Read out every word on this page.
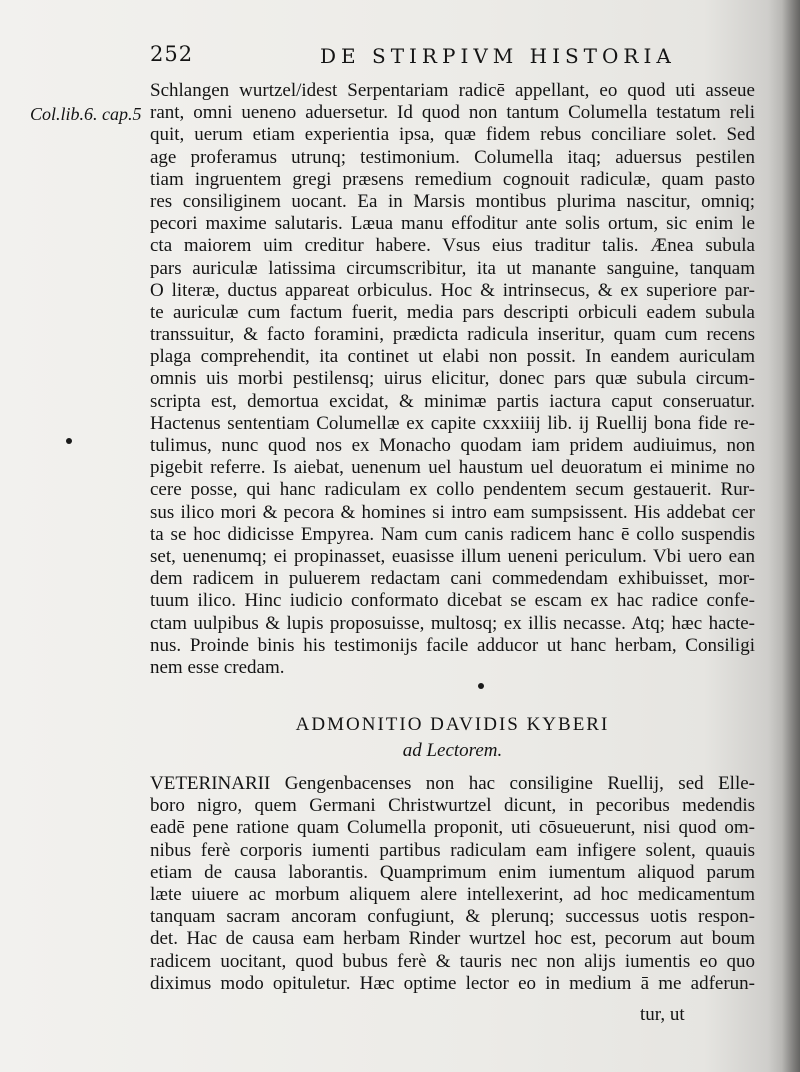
252	DE STIRPIVM HISTORIA
Col.lib.6. cap.5
Schlangen wurtzel/idest Serpentariam radicē appellant, eo quod uti asseue
rant, omni ueneno aduersetur. Id quod non tantum Columella testatum reli
quit, uerum etiam experientia ipsa, quæ fidem rebus conciliare solet. Sed
age proferamus utrunq; testimonium. Columella itaq; aduersus pestilen
tiam ingruentem gregi præsens remedium cognouit radiculæ, quam pasto
res consiliginem uocant. Ea in Marsis montibus plurima nascitur, omniq;
pecori maxime salutaris. Læua manu effoditur ante solis ortum, sic enim le
cta maiorem uim creditur habere. Vsus eius traditur talis. Ænea subula
pars auriculæ latissima circumscribitur, ita ut manante sanguine, tanquam
O literæ, ductus appareat orbiculus. Hoc & intrinsecus, & ex superiore par-
te auriculæ cum factum fuerit, media pars descripti orbiculi eadem subula
transsuitur, & facto foramini, prædicta radicula inseritur, quam cum recens
plaga comprehendit, ita continet ut elabi non possit. In eandem auriculam
omnis uis morbi pestilensq; uirus elicitur, donec pars quæ subula circum-
scripta est, demortua excidat, & minimæ partis iactura caput conseruatur.
Hactenus sententiam Columellæ ex capite cxxxiiij lib. ij Ruellij bona fide re-
tulimus, nunc quod nos ex Monacho quodam iam pridem audiuimus, non
pigebit referre. Is aiebat, uenenum uel haustum uel deuoratum ei minime no
cere posse, qui hanc radiculam ex collo pendentem secum gestauerit. Rur-
sus ilico mori & pecora & homines si intro eam sumpsissent. His addebat cer
ta se hoc didicisse Empyrea. Nam cum canis radicem hanc ē collo suspendis
set, uenenumq; ei propinasset, euasisse illum ueneni periculum. Vbi uero ean
dem radicem in puluerem redactam cani commedendam exhibuisset, mor-
tuum ilico. Hinc iudicio conformato dicebat se escam ex hac radice confe-
ctam uulpibus & lupis proposuisse, multosq; ex illis necasse. Atq; hæc hacte-
nus. Proinde binis his testimonijs facile adducor ut hanc herbam, Consiligi
nem esse credam.
ADMONITIO DAVIDIS KYBERI
ad Lectorem.
VETERINARII Gengenbacenses non hac consiligine Ruellij, sed Elle-
boro nigro, quem Germani Christwurtzel dicunt, in pecoribus medendis
eadē pene ratione quam Columella proponit, uti cōsueuerunt, nisi quod om-
nibus ferè corporis iumenti partibus radiculam eam infigere solent, quauis
etiam de causa laborantis. Quamprimum enim iumentum aliquod parum
læte uiuere ac morbum aliquem alere intellexerint, ad hoc medicamentum
tanquam sacram ancoram confugiunt, & plerunq; successus uotis respon-
det. Hac de causa eam herbam Rinder wurtzel hoc est, pecorum aut boum
radicem uocitant, quod bubus ferè & tauris nec non alijs iumentis eo quo
diximus modo opituletur. Hæc optime lector eo in medium ā me adferun-
tur, ut
